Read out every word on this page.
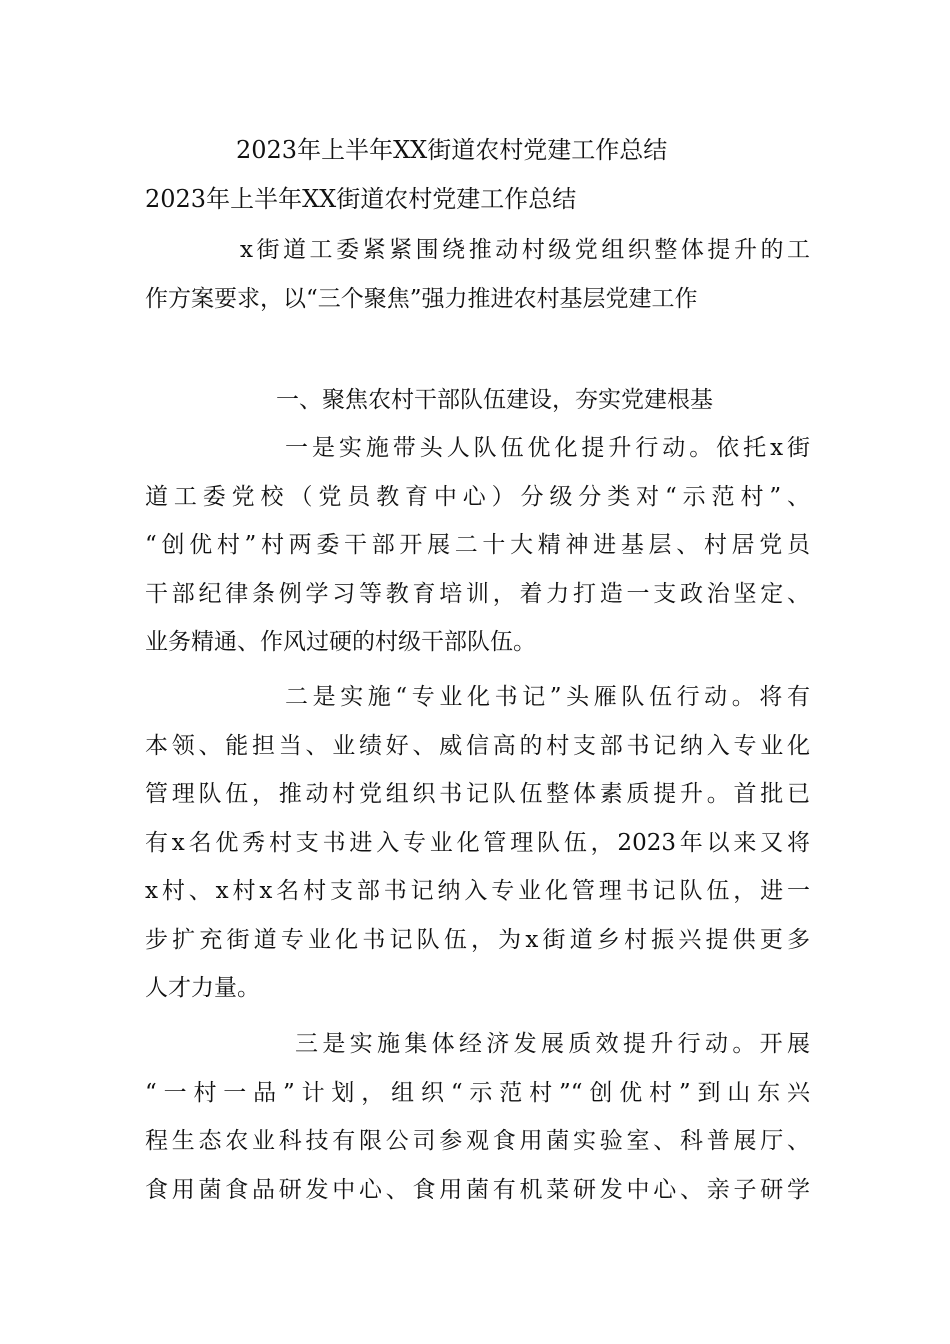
2023年上半年XX街道农村党建工作总结
2023年上半年XX街道农村党建工作总结
x街道工委紧紧围绕推动村级党组织整体提升的工
作方案要求，以“三个聚焦”强力推进农村基层党建工作
一、聚焦农村干部队伍建设，夯实党建根基
一是实施带头人队伍优化提升行动。依托x街
道工委党校（党员教育中心）分级分类对“示范村”、
“创优村”村两委干部开展二十大精神进基层、村居党员
干部纪律条例学习等教育培训，着力打造一支政治坚定、
业务精通、作风过硬的村级干部队伍。
二是实施“专业化书记”头雁队伍行动。将有
本领、能担当、业绩好、威信高的村支部书记纳入专业化
管理队伍，推动村党组织书记队伍整体素质提升。首批已
有x名优秀村支书进入专业化管理队伍，2023年以来又将
x村、x村x名村支部书记纳入专业化管理书记队伍，进一
步扩充街道专业化书记队伍，为x街道乡村振兴提供更多
人才力量。
三是实施集体经济发展质效提升行动。开展
“一村一品”计划，组织“示范村”“创优村”到山东兴
程生态农业科技有限公司参观食用菌实验室、科普展厅、
食用菌食品研发中心、食用菌有机菜研发中心、亲子研学
